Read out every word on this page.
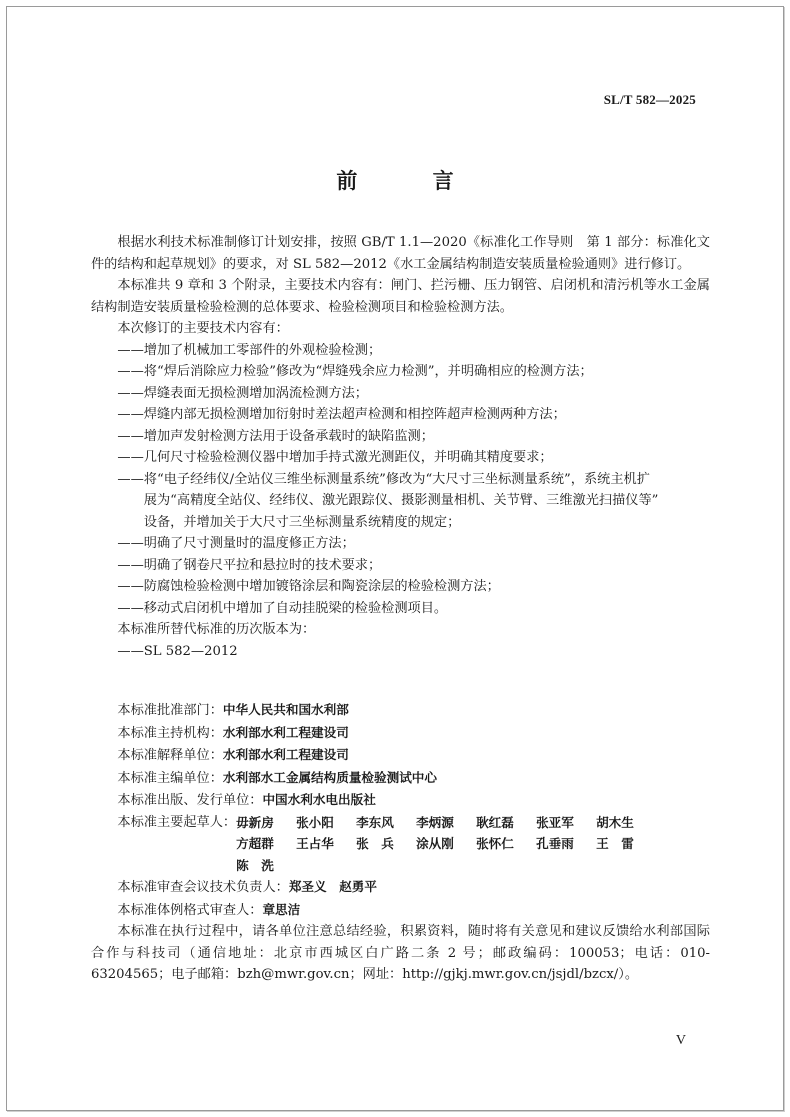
SL/T 582—2025
前 言

根据水利技术标准制修订计划安排，按照 GB/T 1.1—2020《标准化工作导则　第 1 部分：标准化文件的结构和起草规划》的要求，对 SL 582—2012《水工金属结构制造安装质量检验通则》进行修订。

本标准共 9 章和 3 个附录，主要技术内容有：闸门、拦污栅、压力钢管、启闭机和清污机等水工金属结构制造安装质量检验检测的总体要求、检验检测项目和检验检测方法。

本次修订的主要技术内容有：

——增加了机械加工零部件的外观检验检测；

——将“焊后消除应力检验”修改为“焊缝残余应力检测”，并明确相应的检测方法；

——焊缝表面无损检测增加涡流检测方法；

——焊缝内部无损检测增加衍射时差法超声检测和相控阵超声检测两种方法；

——增加声发射检测方法用于设备承载时的缺陷监测；

——几何尺寸检验检测仪器中增加手持式激光测距仪，并明确其精度要求；

——将“电子经纬仪/全站仪三维坐标测量系统”修改为“大尺寸三坐标测量系统”，系统主机扩

展为“高精度全站仪、经纬仪、激光跟踪仪、摄影测量相机、关节臂、三维激光扫描仪等”

设备，并增加关于大尺寸三坐标测量系统精度的规定；

——明确了尺寸测量时的温度修正方法；

——明确了钢卷尺平拉和悬拉时的技术要求；

——防腐蚀检验检测中增加镀铬涂层和陶瓷涂层的检验检测方法；

——移动式启闭机中增加了自动挂脱梁的检验检测项目。

本标准所替代标准的历次版本为：

——SL 582—2012

本标准批准部门：中华人民共和国水利部

本标准主持机构：水利部水利工程建设司

本标准解释单位：水利部水利工程建设司

本标准主编单位：水利部水工金属结构质量检验测试中心

本标准出版、发行单位：中国水利水电出版社

本标准主要起草人： 毋新房	张小阳	李东风	李炳源	耿红磊	张亚军	胡木生
方超群	王占华	张　兵	涂从刚	张怀仁	孔垂雨	王　雷
陈　洗

本标准审查会议技术负责人：郑圣义　赵勇平

本标准体例格式审查人：章思洁

本标准在执行过程中，请各单位注意总结经验，积累资料，随时将有关意见和建议反馈给水利部国际合作与科技司（通信地址：北京市西城区白广路二条 2 号；邮政编码：100053；电话：010-63204565；电子邮箱：bzh@mwr.gov.cn；网址：http://gjkj.mwr.gov.cn/jsjdl/bzcx/）。

V
